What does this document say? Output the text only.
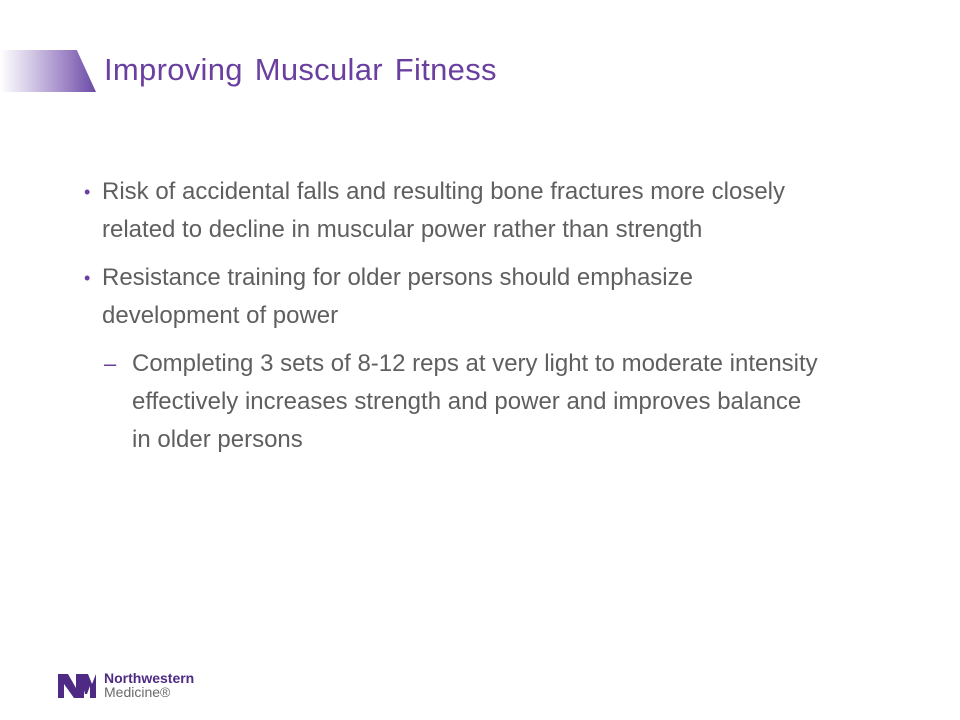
Improving Muscular Fitness
• Risk of accidental falls and resulting bone fractures more closely related to decline in muscular power rather than strength
• Resistance training for older persons should emphasize development of power
– Completing 3 sets of 8-12 reps at very light to moderate intensity effectively increases strength and power and improves balance in older persons
Northwestern
Medicine®
